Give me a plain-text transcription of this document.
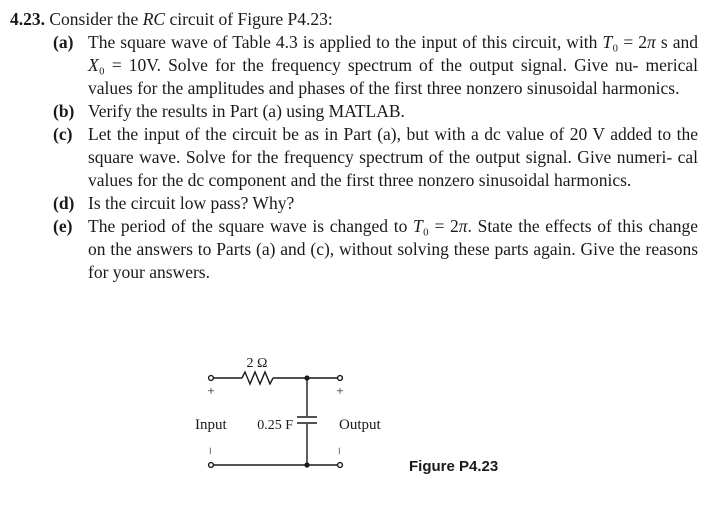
4.23. Consider the RC circuit of Figure P4.23:
(a) The square wave of Table 4.3 is applied to the input of this circuit, with T₀ = 2π s and X₀ = 10V. Solve for the frequency spectrum of the output signal. Give nu- merical values for the amplitudes and phases of the first three nonzero sinusoidal harmonics.
(b) Verify the results in Part (a) using MATLAB.
(c) Let the input of the circuit be as in Part (a), but with a dc value of 20 V added to the square wave. Solve for the frequency spectrum of the output signal. Give numeri- cal values for the dc component and the first three nonzero sinusoidal harmonics.
(d) Is the circuit low pass? Why?
(e) The period of the square wave is changed to T₀ = 2π. State the effects of this change on the answers to Parts (a) and (c), without solving these parts again. Give the reasons for your answers.
2 Ω
+	+
–	–
Input 0.25 F	Output
Figure P4.23
